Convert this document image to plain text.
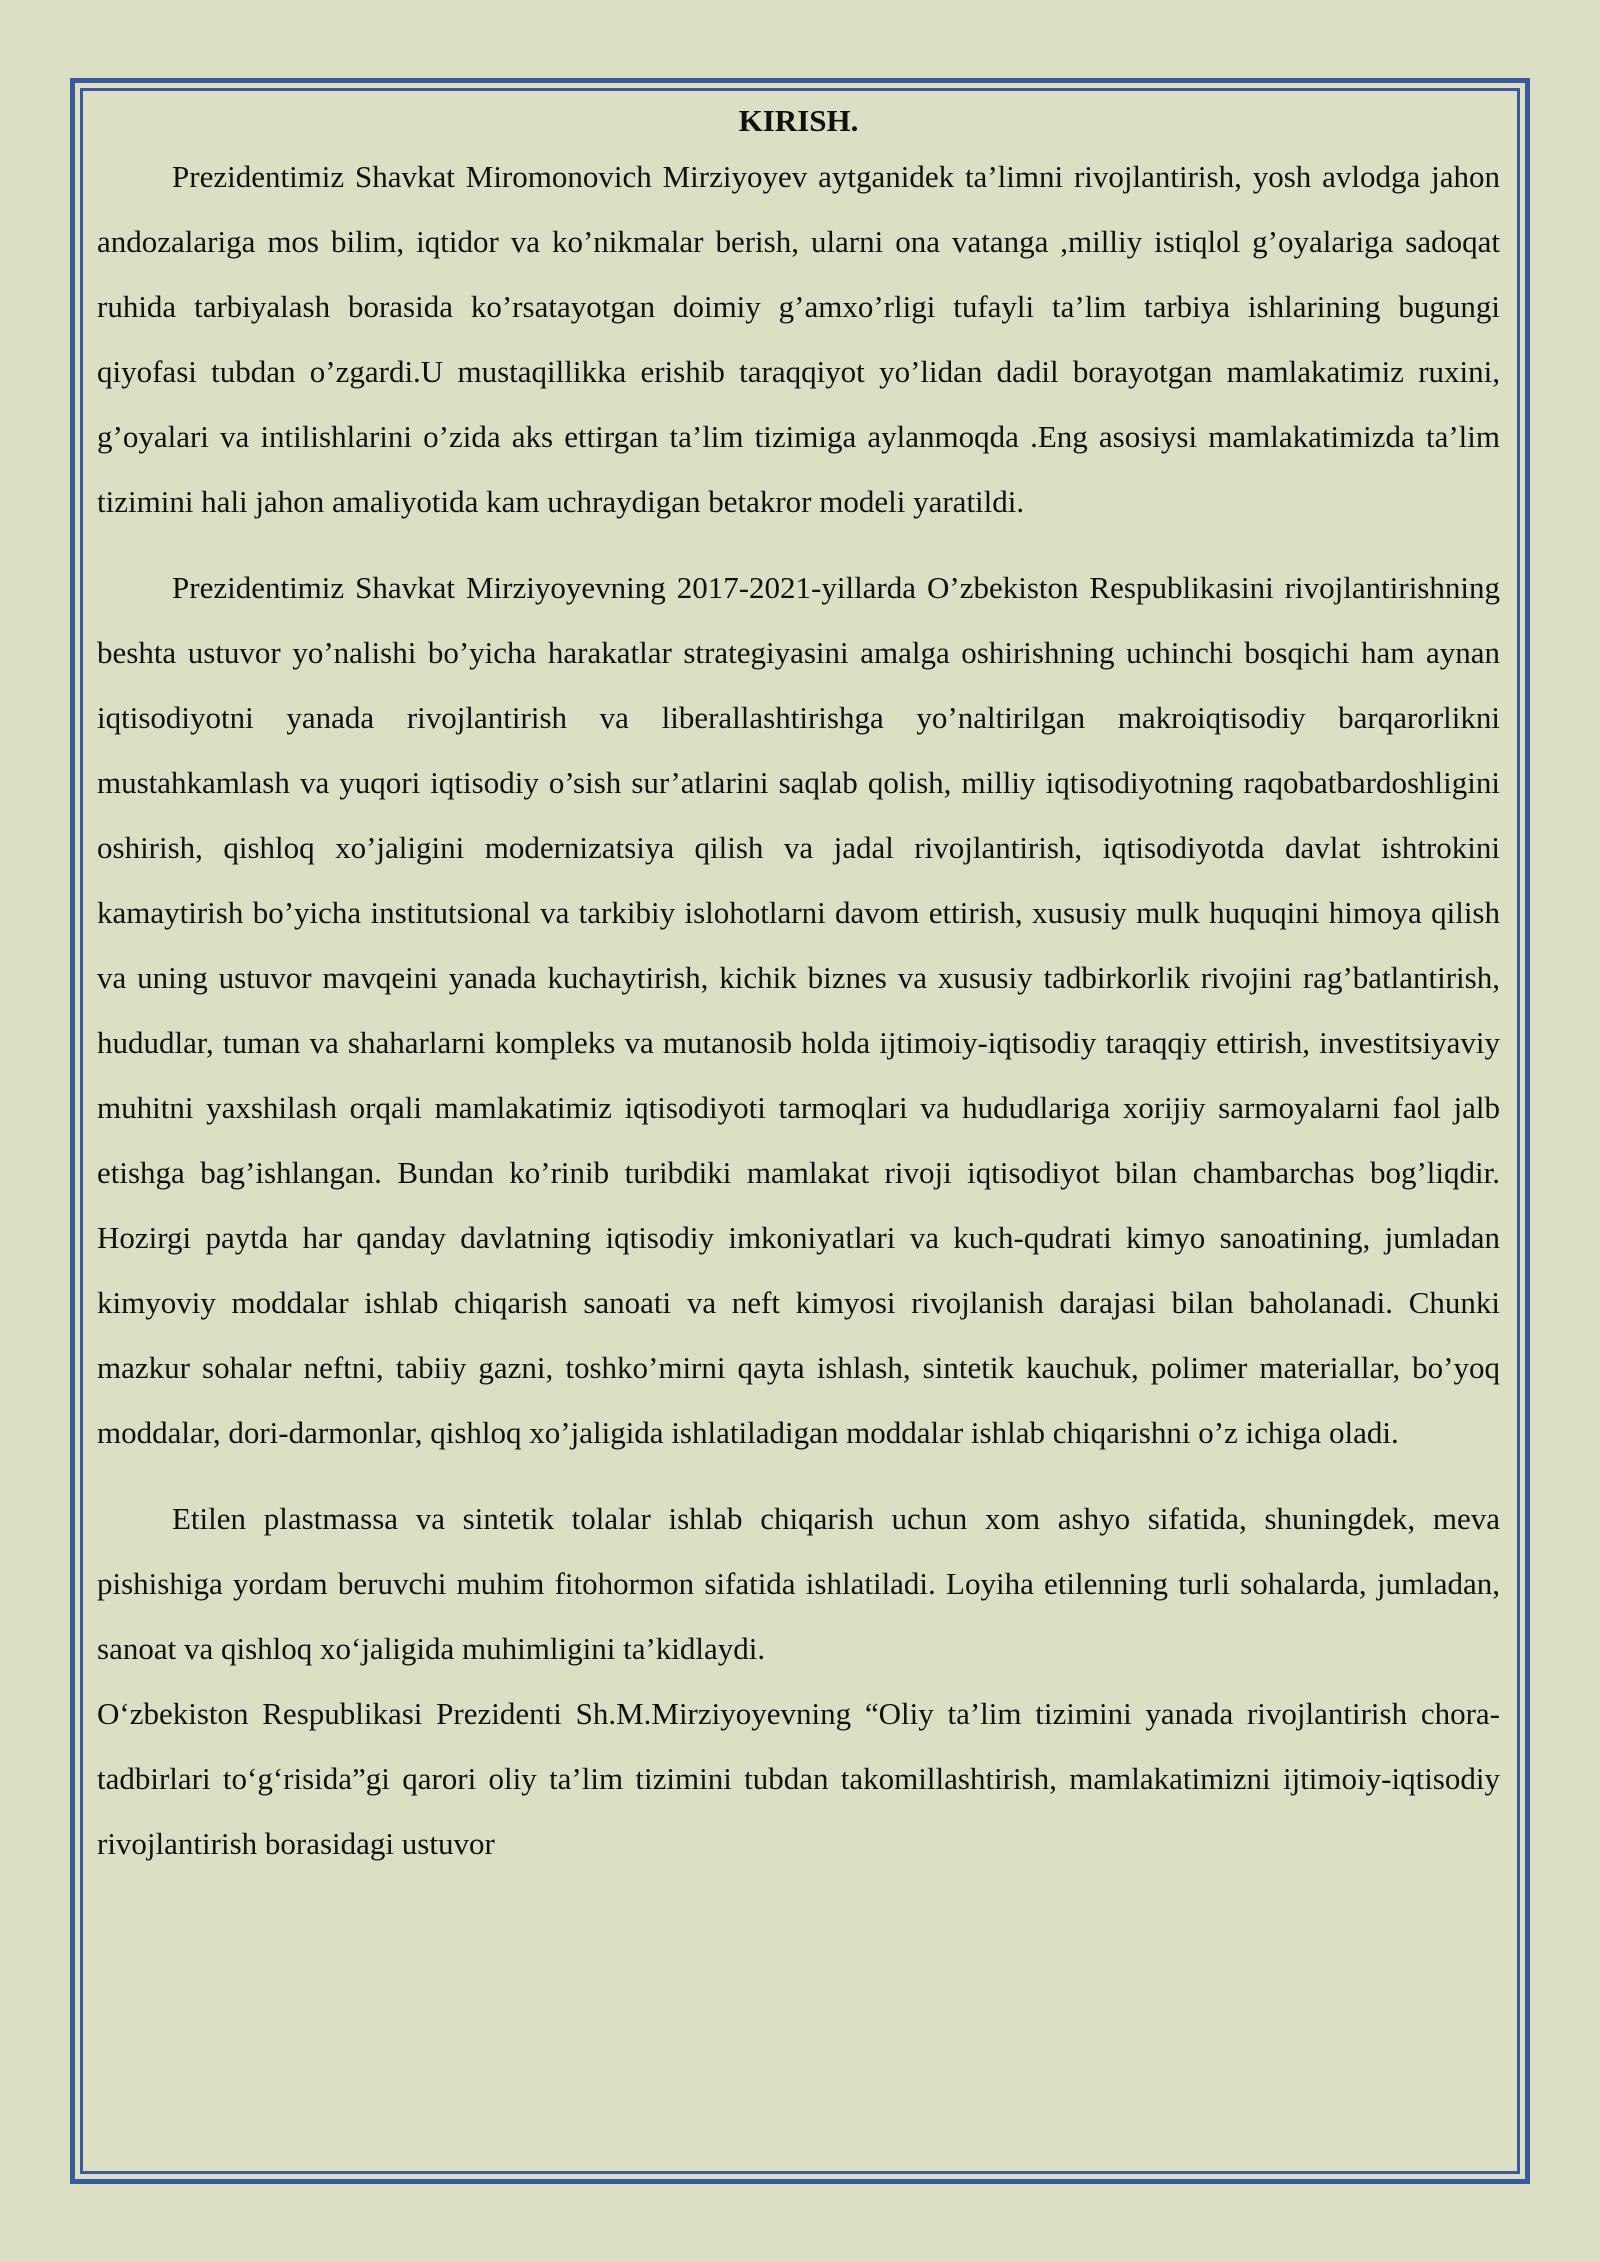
KIRISH.

Prezidentimiz Shavkat Miromonovich Mirziyoyev aytganidek ta’limni rivojlantirish, yosh avlodga jahon andozalariga mos bilim, iqtidor va ko’nikmalar berish, ularni ona vatanga ,milliy istiqlol g’oyalariga sadoqat ruhida tarbiyalash borasida ko’rsatayotgan doimiy g’amxo’rligi tufayli ta’lim tarbiya ishlarining bugungi qiyofasi tubdan o’zgardi.U mustaqillikka erishib taraqqiyot yo’lidan dadil borayotgan mamlakatimiz ruxini, g’oyalari va intilishlarini o’zida aks ettirgan ta’lim tizimiga aylanmoqda .Eng asosiysi mamlakatimizda ta’lim tizimini hali jahon amaliyotida kam uchraydigan betakror modeli yaratildi.

Prezidentimiz Shavkat Mirziyoyevning 2017-2021-yillarda O’zbekiston Respublikasini rivojlantirishning beshta ustuvor yo’nalishi bo’yicha harakatlar strategiyasini amalga oshirishning uchinchi bosqichi ham aynan iqtisodiyotni yanada rivojlantirish va liberallashtirishga yo’naltirilgan makroiqtisodiy barqarorlikni mustahkamlash va yuqori iqtisodiy o’sish sur’atlarini saqlab qolish, milliy iqtisodiyotning raqobatbardoshligini oshirish, qishloq xo’jaligini modernizatsiya qilish va jadal rivojlantirish, iqtisodiyotda davlat ishtrokini kamaytirish bo’yicha institutsional va tarkibiy islohotlarni davom ettirish, xususiy mulk huquqini himoya qilish va uning ustuvor mavqeini yanada kuchaytirish, kichik biznes va xususiy tadbirkorlik rivojini rag’batlantirish, hududlar, tuman va shaharlarni kompleks va mutanosib holda ijtimoiy-iqtisodiy taraqqiy ettirish, investitsiyaviy muhitni yaxshilash orqali mamlakatimiz iqtisodiyoti tarmoqlari va hududlariga xorijiy sarmoyalarni faol jalb etishga bag’ishlangan. Bundan ko’rinib turibdiki mamlakat rivoji iqtisodiyot bilan chambarchas bog’liqdir. Hozirgi paytda har qanday davlatning iqtisodiy imkoniyatlari va kuch-qudrati kimyo sanoatining, jumladan kimyoviy moddalar ishlab chiqarish sanoati va neft kimyosi rivojlanish darajasi bilan baholanadi. Chunki mazkur sohalar neftni, tabiiy gazni, toshko’mirni qayta ishlash, sintetik kauchuk, polimer materiallar, bo’yoq moddalar, dori-darmonlar, qishloq xo’jaligida ishlatiladigan moddalar ishlab chiqarishni o’z ichiga oladi.

Etilen plastmassa va sintetik tolalar ishlab chiqarish uchun xom ashyo sifatida, shuningdek, meva pishishiga yordam beruvchi muhim fitohormon sifatida ishlatiladi. Loyiha etilenning turli sohalarda, jumladan, sanoat va qishloq xo‘jaligida muhimligini ta’kidlaydi.

O‘zbekiston Respublikasi Prezidenti Sh.M.Mirziyoyevning “Oliy ta’lim tizimini yanada rivojlantirish chora-tadbirlari to‘g‘risida”gi qarori oliy ta’lim tizimini tubdan takomillashtirish, mamlakatimizni ijtimoiy-iqtisodiy rivojlantirish borasidagi ustuvor
